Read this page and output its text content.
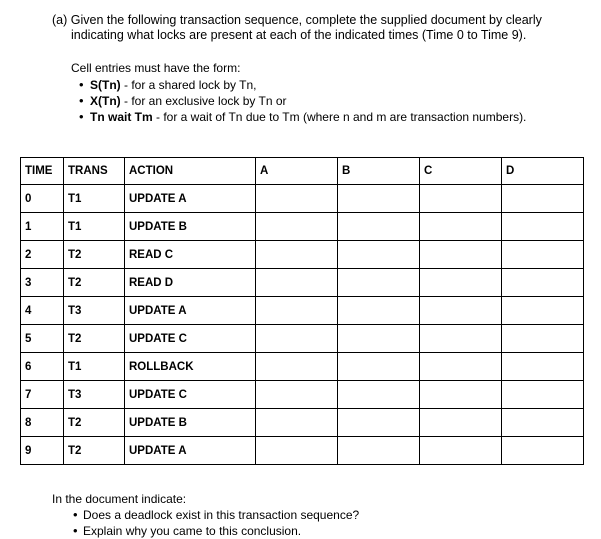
(a) Given the following transaction sequence, complete the supplied document by clearly
indicating what locks are present at each of the indicated times (Time 0 to Time 9).
Cell entries must have the form:
• S(Tn) - for a shared lock by Tn,
• X(Tn) - for an exclusive lock by Tn or
• Tn wait Tm - for a wait of Tn due to Tm (where n and m are transaction numbers).
TIME	TRANS	ACTION	A	B	C	D
0	T1	UPDATE A				
1	T1	UPDATE B				
2	T2	READ C				
3	T2	READ D				
4	T3	UPDATE A				
5	T2	UPDATE C				
6	T1	ROLLBACK				
7	T3	UPDATE C				
8	T2	UPDATE B				
9	T2	UPDATE A				
In the document indicate:
• Does a deadlock exist in this transaction sequence?
• Explain why you came to this conclusion.
